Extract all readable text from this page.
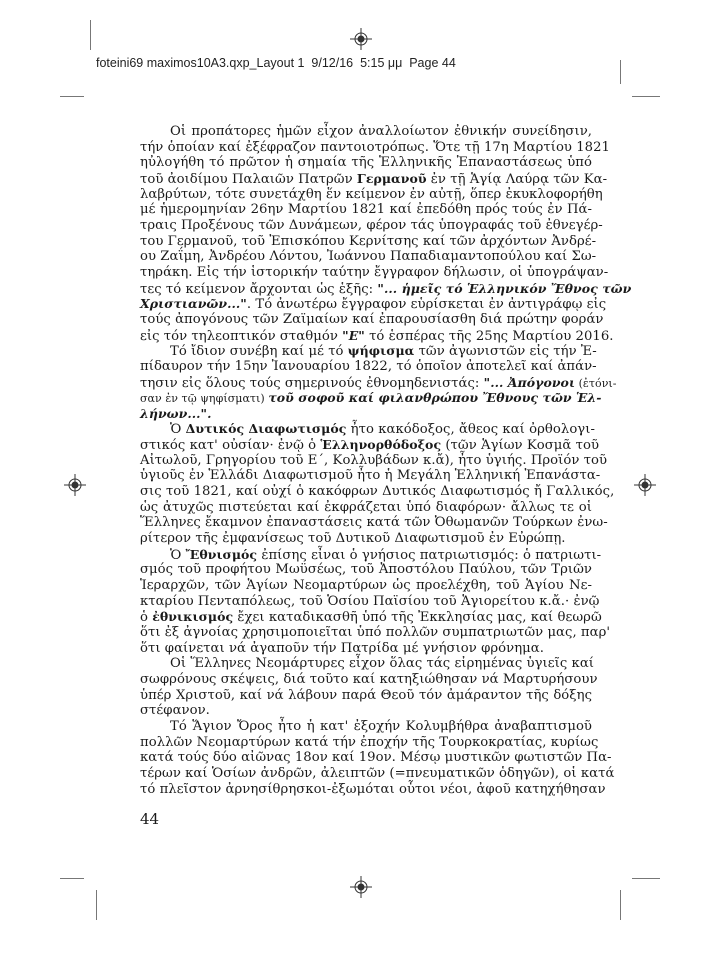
foteini69 maximos10A3.qxp_Layout 1  9/12/16  5:15 μμ  Page 44
Οἱ προπάτορες ἡμῶν εἶχον ἀναλλοίωτον ἐθνικήν συνείδησιν,
τήν ὁποίαν καί ἐξέφραζον παντοιοτρόπως. Ὅτε τῇ 17η Μαρτίου 1821
ηὐλογήθη τό πρῶτον ἡ σημαία τῆς Ἑλληνικῆς Ἐπαναστάσεως ὑπό
τοῦ ἀοιδίμου Παλαιῶν Πατρῶν Γερμανοῦ ἐν τῇ Ἁγίᾳ Λαύρᾳ τῶν Κα-
λαβρύτων, τότε συνετάχθη ἕν κείμενον ἐν αὐτῇ, ὅπερ ἐκυκλοφορήθη
μέ ἡμερομηνίαν 26ην Μαρτίου 1821 καί ἐπεδόθη πρός τούς ἐν Πά-
τραις Προξένους τῶν Δυνάμεων, φέρον τάς ὑπογραφάς τοῦ ἐθνεγέρ-
του Γερμανοῦ, τοῦ Ἐπισκόπου Κερνίτσης καί τῶν ἀρχόντων Ἀνδρέ-
ου Ζαΐμη, Ἀνδρέου Λόντου, Ἰωάννου Παπαδιαμαντοπούλου καί Σω-
τηράκη. Εἰς τήν ἱστορικήν ταύτην ἔγγραφον δήλωσιν, οἱ ὑπογράψαν-
τες τό κείμενον ἄρχονται ὡς ἑξῆς: "... ἡμεῖς τό Ἑλληνικόν Ἔθνος τῶν
Χριστιανῶν...". Τό ἀνωτέρω ἔγγραφον εὑρίσκεται ἐν ἀντιγράφῳ εἰς
τούς ἀπογόνους τῶν Ζαϊμαίων καί ἐπαρουσίασθη διά πρώτην φοράν
εἰς τόν τηλεοπτικόν σταθμόν "Ε" τό ἑσπέρας τῆς 25ης Μαρτίου 2016.
Τό ἴδιον συνέβη καί μέ τό ψήφισμα τῶν ἀγωνιστῶν εἰς τήν Ἐ-
πίδαυρον τήν 15ην Ἰανουαρίου 1822, τό ὁποῖον ἀποτελεῖ καί ἀπάν-
τησιν εἰς ὅλους τούς σημερινούς ἐθνομηδενιστάς: "... Ἀπόγονοι (ἐτόνι-
σαν ἐν τῷ ψηφίσματι) τοῦ σοφοῦ καί φιλανθρώπου Ἔθνους τῶν Ἑλ-
λήνων...".
Ὁ Δυτικός Διαφωτισμός ἦτο κακόδοξος, ἄθεος καί ὀρθολογι-
στικός κατ' οὐσίαν· ἐνῷ ὁ Ἑλληνορθόδοξος (τῶν Ἁγίων Κοσμᾶ τοῦ
Αἰτωλοῦ, Γρηγορίου τοῦ Ε΄, Κολλυβάδων κ.ἄ), ἦτο ὑγιής. Προϊόν τοῦ
ὑγιοῦς ἐν Ἑλλάδι Διαφωτισμοῦ ἦτο ἡ Μεγάλη Ἑλληνική Ἐπανάστα-
σις τοῦ 1821, καί οὐχί ὁ κακόφρων Δυτικός Διαφωτισμός ἤ Γαλλικός,
ὡς ἀτυχῶς πιστεύεται καί ἐκφράζεται ὑπό διαφόρων· ἄλλως τε οἱ
Ἕλληνες ἔκαμνον ἐπαναστάσεις κατά τῶν Ὀθωμανῶν Τούρκων ἐνω-
ρίτερον τῆς ἐμφανίσεως τοῦ Δυτικοῦ Διαφωτισμοῦ ἐν Εὐρώπῃ.
Ὁ Ἔθνισμός ἐπίσης εἶναι ὁ γνήσιος πατριωτισμός: ὁ πατριωτι-
σμός τοῦ προφήτου Μωϋσέως, τοῦ Ἀποστόλου Παύλου, τῶν Τριῶν
Ἱεραρχῶν, τῶν Ἁγίων Νεομαρτύρων ὡς προελέχθη, τοῦ Ἁγίου Νε-
κταρίου Πενταπόλεως, τοῦ Ὁσίου Παϊσίου τοῦ Ἁγιορείτου κ.ἄ.· ἐνῷ
ὁ ἐθνικισμός ἔχει καταδικασθῆ ὑπό τῆς Ἐκκλησίας μας, καί θεωρῶ
ὅτι ἐξ ἀγνοίας χρησιμοποιεῖται ὑπό πολλῶν συμπατριωτῶν μας, παρ'
ὅτι φαίνεται νά ἀγαποῦν τήν Πατρίδα μέ γνήσιον φρόνημα.
Οἱ Ἕλληνες Νεομάρτυρες εἶχον ὅλας τάς εἰρημένας ὑγιεῖς καί
σωφρόνους σκέψεις, διά τοῦτο καί κατηξιώθησαν νά Μαρτυρήσουν
ὑπέρ Χριστοῦ, καί νά λάβουν παρά Θεοῦ τόν ἀμάραντον τῆς δόξης
στέφανον.
Τό Ἅγιον Ὄρος ἦτο ἡ κατ' ἐξοχήν Κολυμβήθρα ἀναβαπτισμοῦ
πολλῶν Νεομαρτύρων κατά τήν ἐποχήν τῆς Τουρκοκρατίας, κυρίως
κατά τούς δύο αἰῶνας 18ον καί 19ον. Μέσῳ μυστικῶν φωτιστῶν Πα-
τέρων καί Ὁσίων ἀνδρῶν, ἀλειπτῶν (=πνευματικῶν ὁδηγῶν), οἱ κατά
τό πλεῖστον ἀρνησίθρησκοι-ἐξωμόται οὗτοι νέοι, ἀφοῦ κατηχήθησαν
44
